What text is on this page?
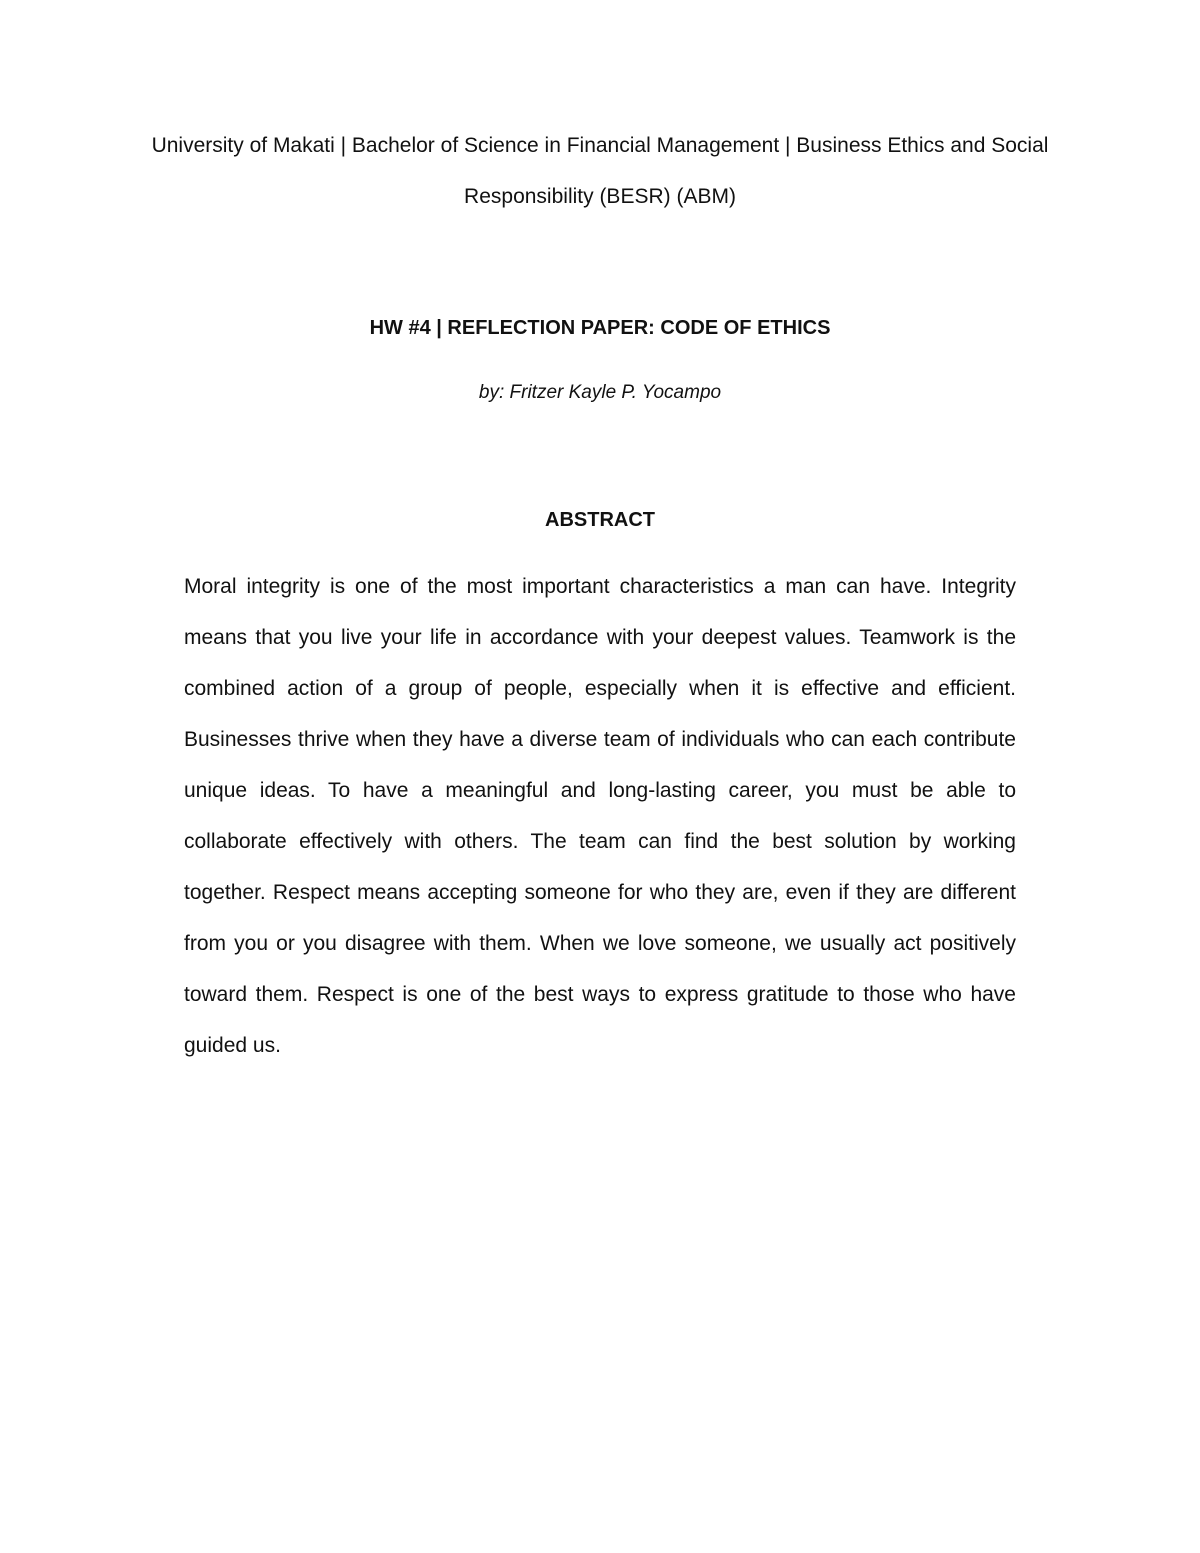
University of Makati | Bachelor of Science in Financial Management | Business Ethics and Social Responsibility (BESR) (ABM)
HW #4 | REFLECTION PAPER: CODE OF ETHICS
by: Fritzer Kayle P. Yocampo
ABSTRACT

Moral integrity is one of the most important characteristics a man can have. Integrity means that you live your life in accordance with your deepest values. Teamwork is the combined action of a group of people, especially when it is effective and efficient. Businesses thrive when they have a diverse team of individuals who can each contribute unique ideas. To have a meaningful and long-lasting career, you must be able to collaborate effectively with others. The team can find the best solution by working together. Respect means accepting someone for who they are, even if they are different from you or you disagree with them. When we love someone, we usually act positively toward them. Respect is one of the best ways to express gratitude to those who have guided us.
